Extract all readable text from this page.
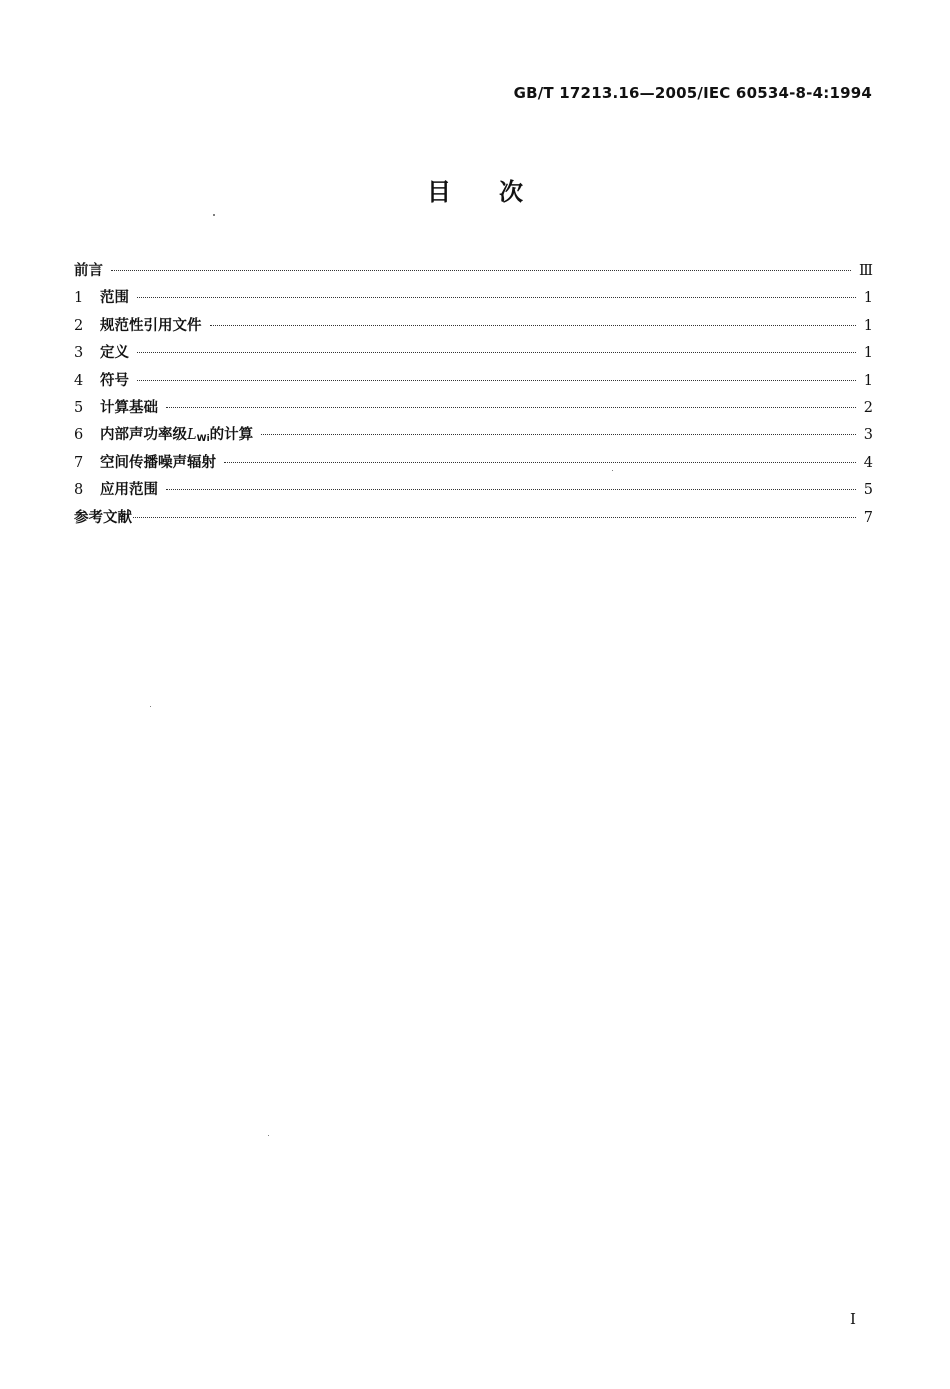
GB/T 17213.16—2005/IEC 60534-8-4:1994
目次
前言	Ⅲ
1	范围	1
2	规范性引用文件	1
3	定义	1
4	符号	1
5	计算基础	2
6	内部声功率级$L_{Wi}$的计算	3
7	空间传播噪声辐射	4
8	应用范围	5
参考文献	7
I
